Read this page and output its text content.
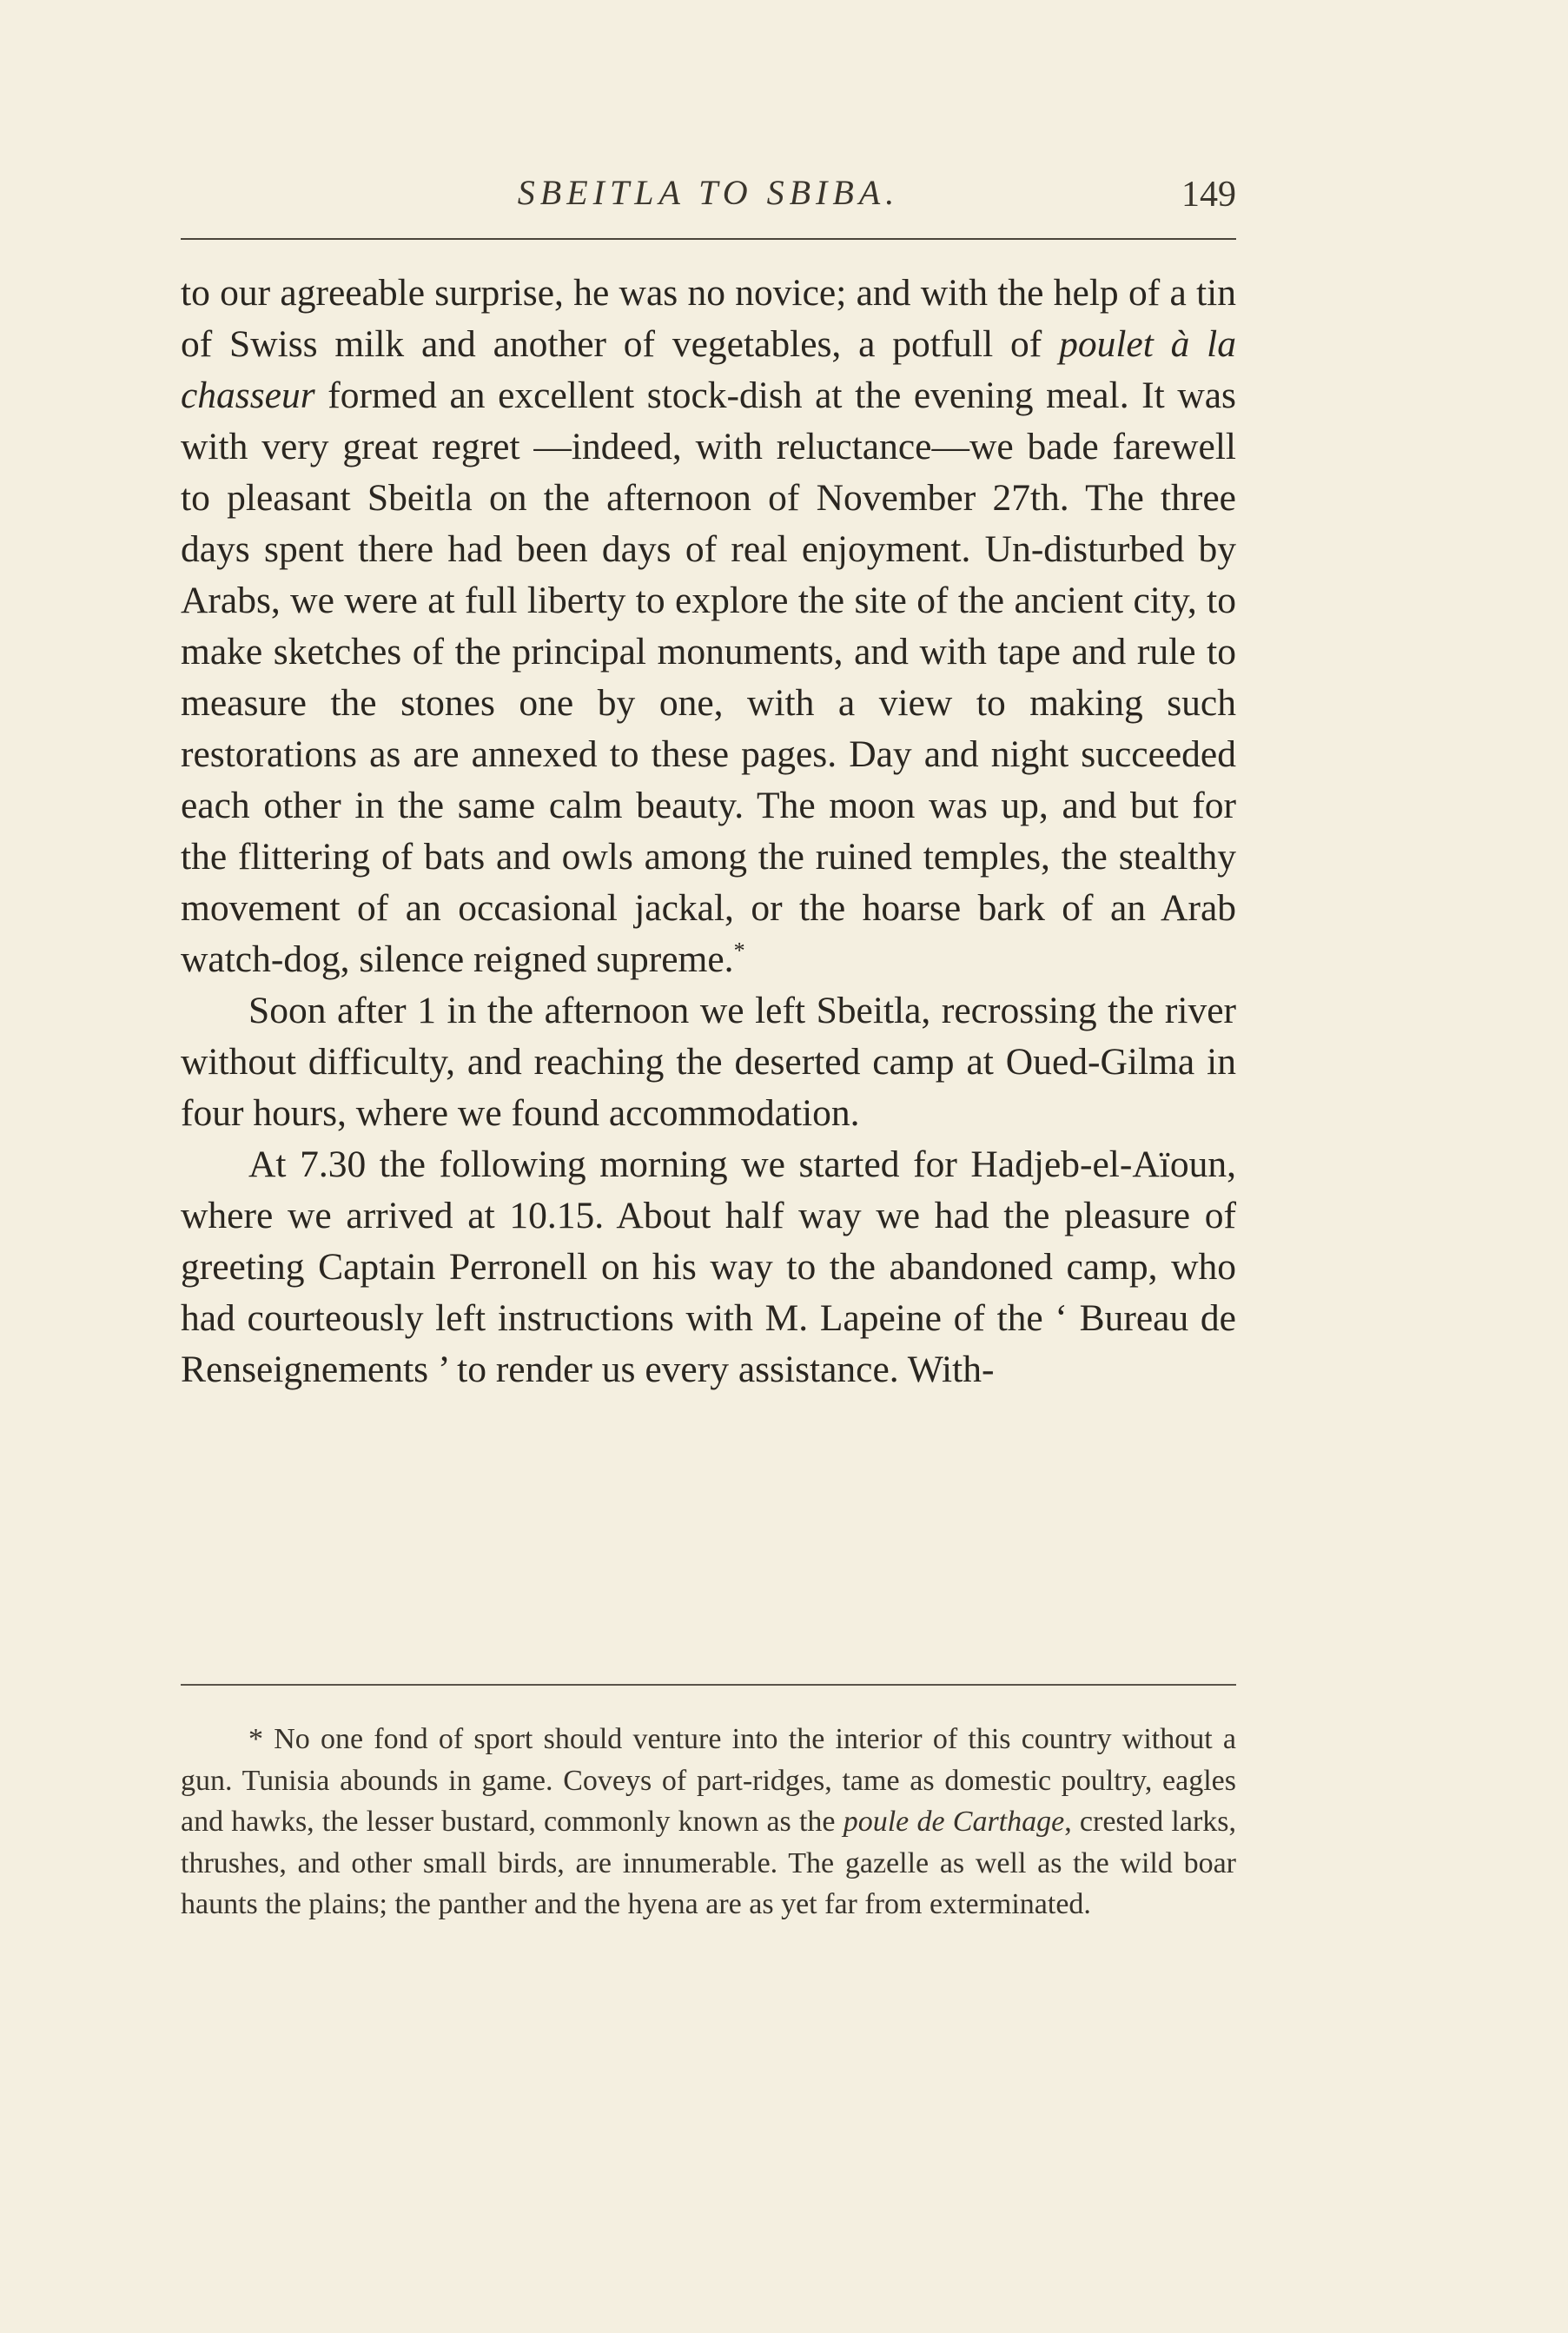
SBEITLA TO SBIBA.	149

to our agreeable surprise, he was no novice; and with the help of a tin of Swiss milk and another of vegetables, a potfull of poulet à la chasseur formed an excellent stock-dish at the evening meal. It was with very great regret —indeed, with reluctance—we bade farewell to pleasant Sbeitla on the afternoon of November 27th. The three days spent there had been days of real enjoyment. Un-disturbed by Arabs, we were at full liberty to explore the site of the ancient city, to make sketches of the principal monuments, and with tape and rule to measure the stones one by one, with a view to making such restorations as are annexed to these pages. Day and night succeeded each other in the same calm beauty. The moon was up, and but for the flittering of bats and owls among the ruined temples, the stealthy movement of an occasional jackal, or the hoarse bark of an Arab watch-dog, silence reigned supreme.*

Soon after 1 in the afternoon we left Sbeitla, recrossing the river without difficulty, and reaching the deserted camp at Oued-Gilma in four hours, where we found accommodation.

At 7.30 the following morning we started for Hadjeb-el-Aïoun, where we arrived at 10.15. About half way we had the pleasure of greeting Captain Perronell on his way to the abandoned camp, who had courteously left instructions with M. Lapeine of the ‘ Bureau de Renseignements ’ to render us every assistance. With-

* No one fond of sport should venture into the interior of this country without a gun. Tunisia abounds in game. Coveys of part-ridges, tame as domestic poultry, eagles and hawks, the lesser bustard, commonly known as the poule de Carthage, crested larks, thrushes, and other small birds, are innumerable. The gazelle as well as the wild boar haunts the plains; the panther and the hyena are as yet far from exterminated.
